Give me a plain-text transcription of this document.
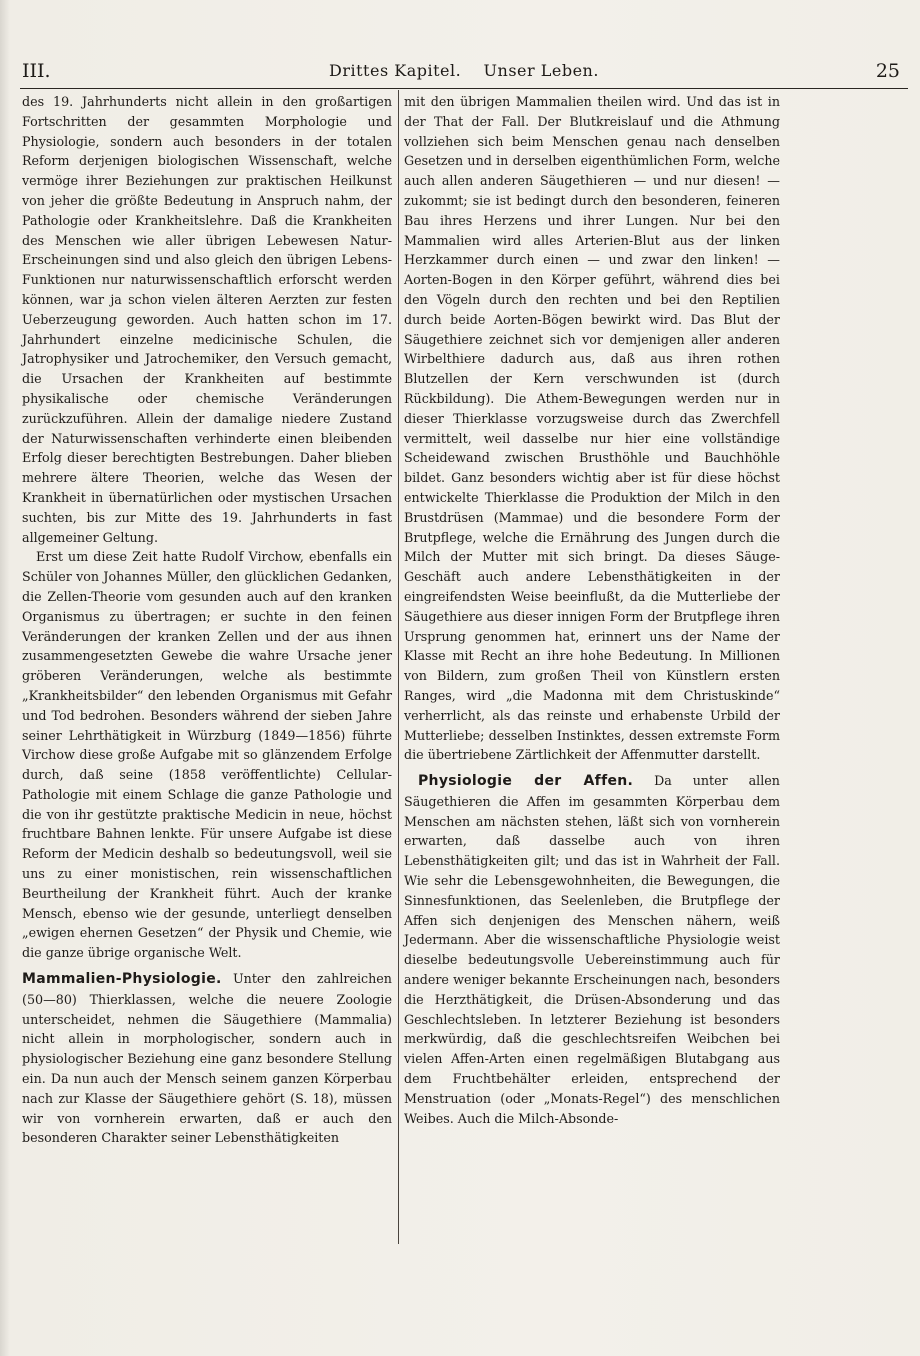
III.	Drittes Kapitel.    Unser Leben.	25

des 19. Jahrhunderts nicht allein in den großartigen Fortschritten der gesammten Morphologie und Physiologie, sondern auch besonders in der totalen Reform derjenigen biologischen Wissenschaft, welche vermöge ihrer Beziehungen zur praktischen Heilkunst von jeher die größte Bedeutung in Anspruch nahm, der Pathologie oder Krankheitslehre. Daß die Krankheiten des Menschen wie aller übrigen Lebewesen Natur-Erscheinungen sind und also gleich den übrigen Lebens-Funktionen nur naturwissenschaftlich erforscht werden können, war ja schon vielen älteren Aerzten zur festen Ueberzeugung geworden. Auch hatten schon im 17. Jahrhundert einzelne medicinische Schulen, die Jatrophysiker und Jatrochemiker, den Versuch gemacht, die Ursachen der Krankheiten auf bestimmte physikalische oder chemische Veränderungen zurückzuführen. Allein der damalige niedere Zustand der Naturwissenschaften verhinderte einen bleibenden Erfolg dieser berechtigten Bestrebungen. Daher blieben mehrere ältere Theorien, welche das Wesen der Krankheit in übernatürlichen oder mystischen Ursachen suchten, bis zur Mitte des 19. Jahrhunderts in fast allgemeiner Geltung.

Erst um diese Zeit hatte Rudolf Virchow, ebenfalls ein Schüler von Johannes Müller, den glücklichen Gedanken, die Zellen-Theorie vom gesunden auch auf den kranken Organismus zu übertragen; er suchte in den feinen Veränderungen der kranken Zellen und der aus ihnen zusammengesetzten Gewebe die wahre Ursache jener gröberen Veränderungen, welche als bestimmte „Krankheitsbilder“ den lebenden Organismus mit Gefahr und Tod bedrohen. Besonders während der sieben Jahre seiner Lehrthätigkeit in Würzburg (1849—1856) führte Virchow diese große Aufgabe mit so glänzendem Erfolge durch, daß seine (1858 veröffentlichte) Cellular-Pathologie mit einem Schlage die ganze Pathologie und die von ihr gestützte praktische Medicin in neue, höchst fruchtbare Bahnen lenkte. Für unsere Aufgabe ist diese Reform der Medicin deshalb so bedeutungsvoll, weil sie uns zu einer monistischen, rein wissenschaftlichen Beurtheilung der Krankheit führt. Auch der kranke Mensch, ebenso wie der gesunde, unterliegt denselben „ewigen ehernen Gesetzen“ der Physik und Chemie, wie die ganze übrige organische Welt.

Mammalien-Physiologie. Unter den zahlreichen (50—80) Thierklassen, welche die neuere Zoologie unterscheidet, nehmen die Säugethiere (Mammalia) nicht allein in morphologischer, sondern auch in physiologischer Beziehung eine ganz besondere Stellung ein. Da nun auch der Mensch seinem ganzen Körperbau nach zur Klasse der Säugethiere gehört (S. 18), müssen wir von vornherein erwarten, daß er auch den besonderen Charakter seiner Lebensthätigkeiten

mit den übrigen Mammalien theilen wird. Und das ist in der That der Fall. Der Blutkreislauf und die Athmung vollziehen sich beim Menschen genau nach denselben Gesetzen und in derselben eigenthümlichen Form, welche auch allen anderen Säugethieren — und nur diesen! — zukommt; sie ist bedingt durch den besonderen, feineren Bau ihres Herzens und ihrer Lungen. Nur bei den Mammalien wird alles Arterien-Blut aus der linken Herzkammer durch einen — und zwar den linken! — Aorten-Bogen in den Körper geführt, während dies bei den Vögeln durch den rechten und bei den Reptilien durch beide Aorten-Bögen bewirkt wird. Das Blut der Säugethiere zeichnet sich vor demjenigen aller anderen Wirbelthiere dadurch aus, daß aus ihren rothen Blutzellen der Kern verschwunden ist (durch Rückbildung). Die Athem-Bewegungen werden nur in dieser Thierklasse vorzugsweise durch das Zwerchfell vermittelt, weil dasselbe nur hier eine vollständige Scheidewand zwischen Brusthöhle und Bauchhöhle bildet. Ganz besonders wichtig aber ist für diese höchst entwickelte Thierklasse die Produktion der Milch in den Brustdrüsen (Mammae) und die besondere Form der Brutpflege, welche die Ernährung des Jungen durch die Milch der Mutter mit sich bringt. Da dieses Säuge-Geschäft auch andere Lebensthätigkeiten in der eingreifendsten Weise beeinflußt, da die Mutterliebe der Säugethiere aus dieser innigen Form der Brutpflege ihren Ursprung genommen hat, erinnert uns der Name der Klasse mit Recht an ihre hohe Bedeutung. In Millionen von Bildern, zum großen Theil von Künstlern ersten Ranges, wird „die Madonna mit dem Christuskinde“ verherrlicht, als das reinste und erhabenste Urbild der Mutterliebe; desselben Instinktes, dessen extremste Form die übertriebene Zärtlichkeit der Affenmutter darstellt.

Physiologie der Affen. Da unter allen Säugethieren die Affen im gesammten Körperbau dem Menschen am nächsten stehen, läßt sich von vornherein erwarten, daß dasselbe auch von ihren Lebensthätigkeiten gilt; und das ist in Wahrheit der Fall. Wie sehr die Lebensgewohnheiten, die Bewegungen, die Sinnesfunktionen, das Seelenleben, die Brutpflege der Affen sich denjenigen des Menschen nähern, weiß Jedermann. Aber die wissenschaftliche Physiologie weist dieselbe bedeutungsvolle Uebereinstimmung auch für andere weniger bekannte Erscheinungen nach, besonders die Herzthätigkeit, die Drüsen-Absonderung und das Geschlechtsleben. In letzterer Beziehung ist besonders merkwürdig, daß die geschlechtsreifen Weibchen bei vielen Affen-Arten einen regelmäßigen Blutabgang aus dem Fruchtbehälter erleiden, entsprechend der Menstruation (oder „Monats-Regel“) des menschlichen Weibes. Auch die Milch-Absonde-
